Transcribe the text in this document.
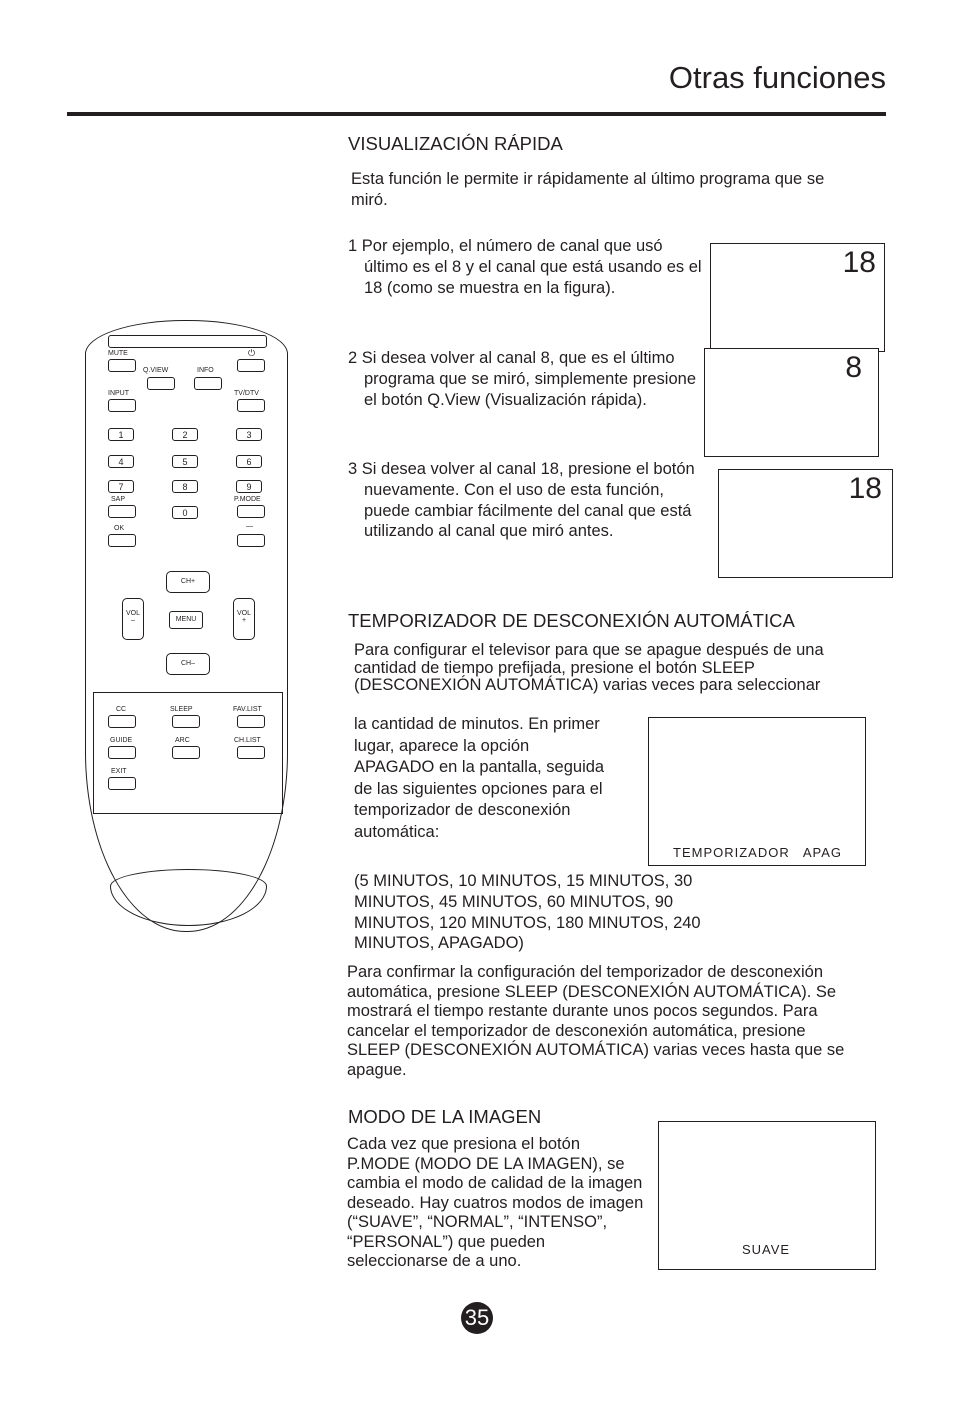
Otras funciones
VISUALIZACIÓN RÁPIDA
Esta función le permite ir rápidamente al último programa que se miró.
1 Por ejemplo, el número de canal que usó último es el 8 y el canal que está usando es el 18 (como se muestra en la figura).
2 Si desea volver al canal 8, que es el último programa que se miró, simplemente presione el botón Q.View (Visualización rápida).
3 Si desea volver al canal 18, presione el botón nuevamente. Con el uso de esta función, puede cambiar fácilmente del canal que está utilizando al canal que miró antes.
18
8
18
TEMPORIZADOR DE DESCONEXIÓN AUTOMÁTICA
Para configurar el televisor para que se apague después de una cantidad de tiempo prefijada, presione el botón SLEEP (DESCONEXIÓN AUTOMÁTICA) varias veces para seleccionar
la cantidad de minutos. En primer lugar, aparece la opción APAGADO en la pantalla, seguida de las siguientes opciones para el temporizador de desconexión automática:
TEMPORIZADOR   APAG
(5 MINUTOS, 10 MINUTOS, 15 MINUTOS, 30 MINUTOS, 45 MINUTOS, 60 MINUTOS, 90 MINUTOS, 120 MINUTOS, 180 MINUTOS, 240 MINUTOS, APAGADO)
Para confirmar la configuración del temporizador de desconexión automática, presione SLEEP (DESCONEXIÓN AUTOMÁTICA). Se mostrará el tiempo restante durante unos pocos segundos. Para cancelar el temporizador de desconexión automática, presione SLEEP (DESCONEXIÓN AUTOMÁTICA) varias veces hasta que se apague.
MODO DE LA IMAGEN
Cada vez que presiona el botón P.MODE (MODO DE LA IMAGEN), se cambia el modo de calidad de la imagen deseado. Hay cuatros modos de imagen (“SUAVE”, “NORMAL”, “INTENSO”, “PERSONAL”) que pueden seleccionarse de a uno.
SUAVE
35
MUTE	⏻
Q.VIEW	INFO
INPUT	TV/DTV
1	2	3
4	5	6
7	8	9
SAP
0
P.MODE
OK	—
CH+
VOL
–	MENU
VOL
+
CH–
CC	SLEEP	FAV.LIST
GUIDE	ARC	CH.LIST
EXIT
